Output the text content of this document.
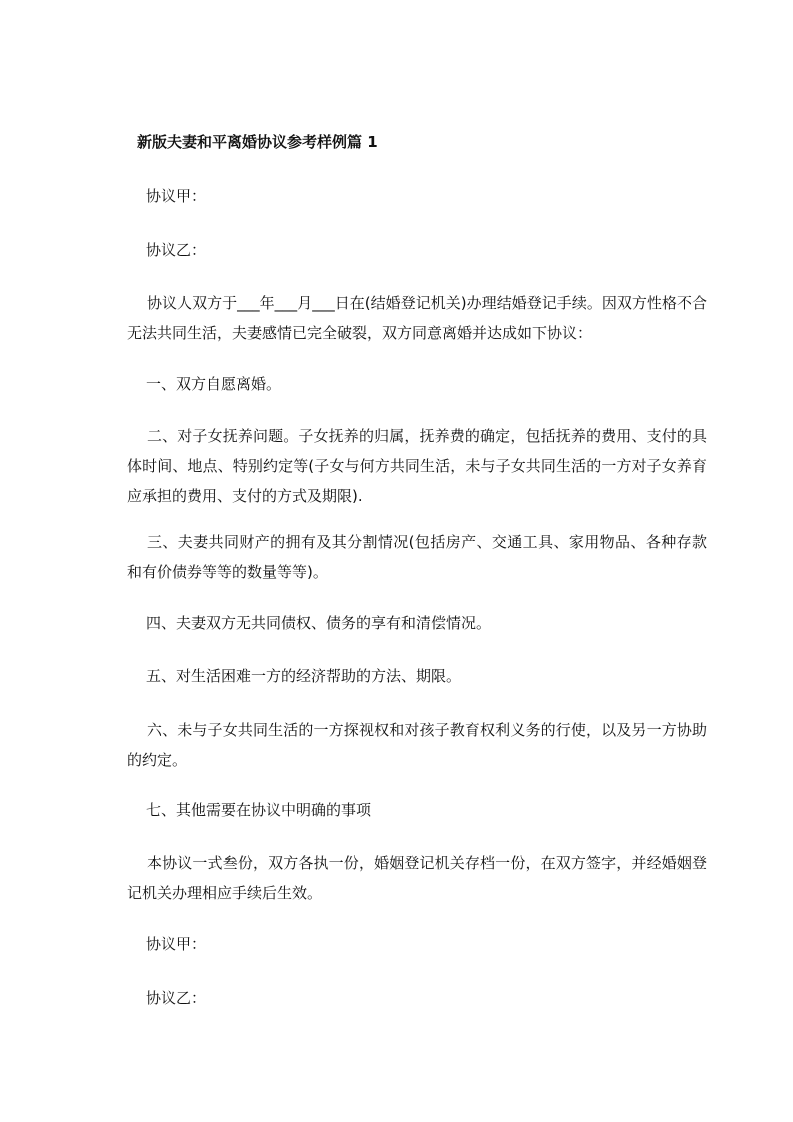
新版夫妻和平离婚协议参考样例篇 1
协议甲：
协议乙：
协议人双方于___年___月___日在(结婚登记机关)办理结婚登记手续。因双方性格不合无法共同生活，夫妻感情已完全破裂，双方同意离婚并达成如下协议：
一、双方自愿离婚。
二、对子女抚养问题。子女抚养的归属，抚养费的确定，包括抚养的费用、支付的具体时间、地点、特别约定等(子女与何方共同生活，未与子女共同生活的一方对子女养育应承担的费用、支付的方式及期限).
三、夫妻共同财产的拥有及其分割情况(包括房产、交通工具、家用物品、各种存款和有价债券等等的数量等等)。
四、夫妻双方无共同债权、债务的享有和清偿情况。
五、对生活困难一方的经济帮助的方法、期限。
六、未与子女共同生活的一方探视权和对孩子教育权利义务的行使，以及另一方协助的约定。
七、其他需要在协议中明确的事项
本协议一式叁份，双方各执一份，婚姻登记机关存档一份，在双方签字，并经婚姻登记机关办理相应手续后生效。
协议甲：
协议乙：
